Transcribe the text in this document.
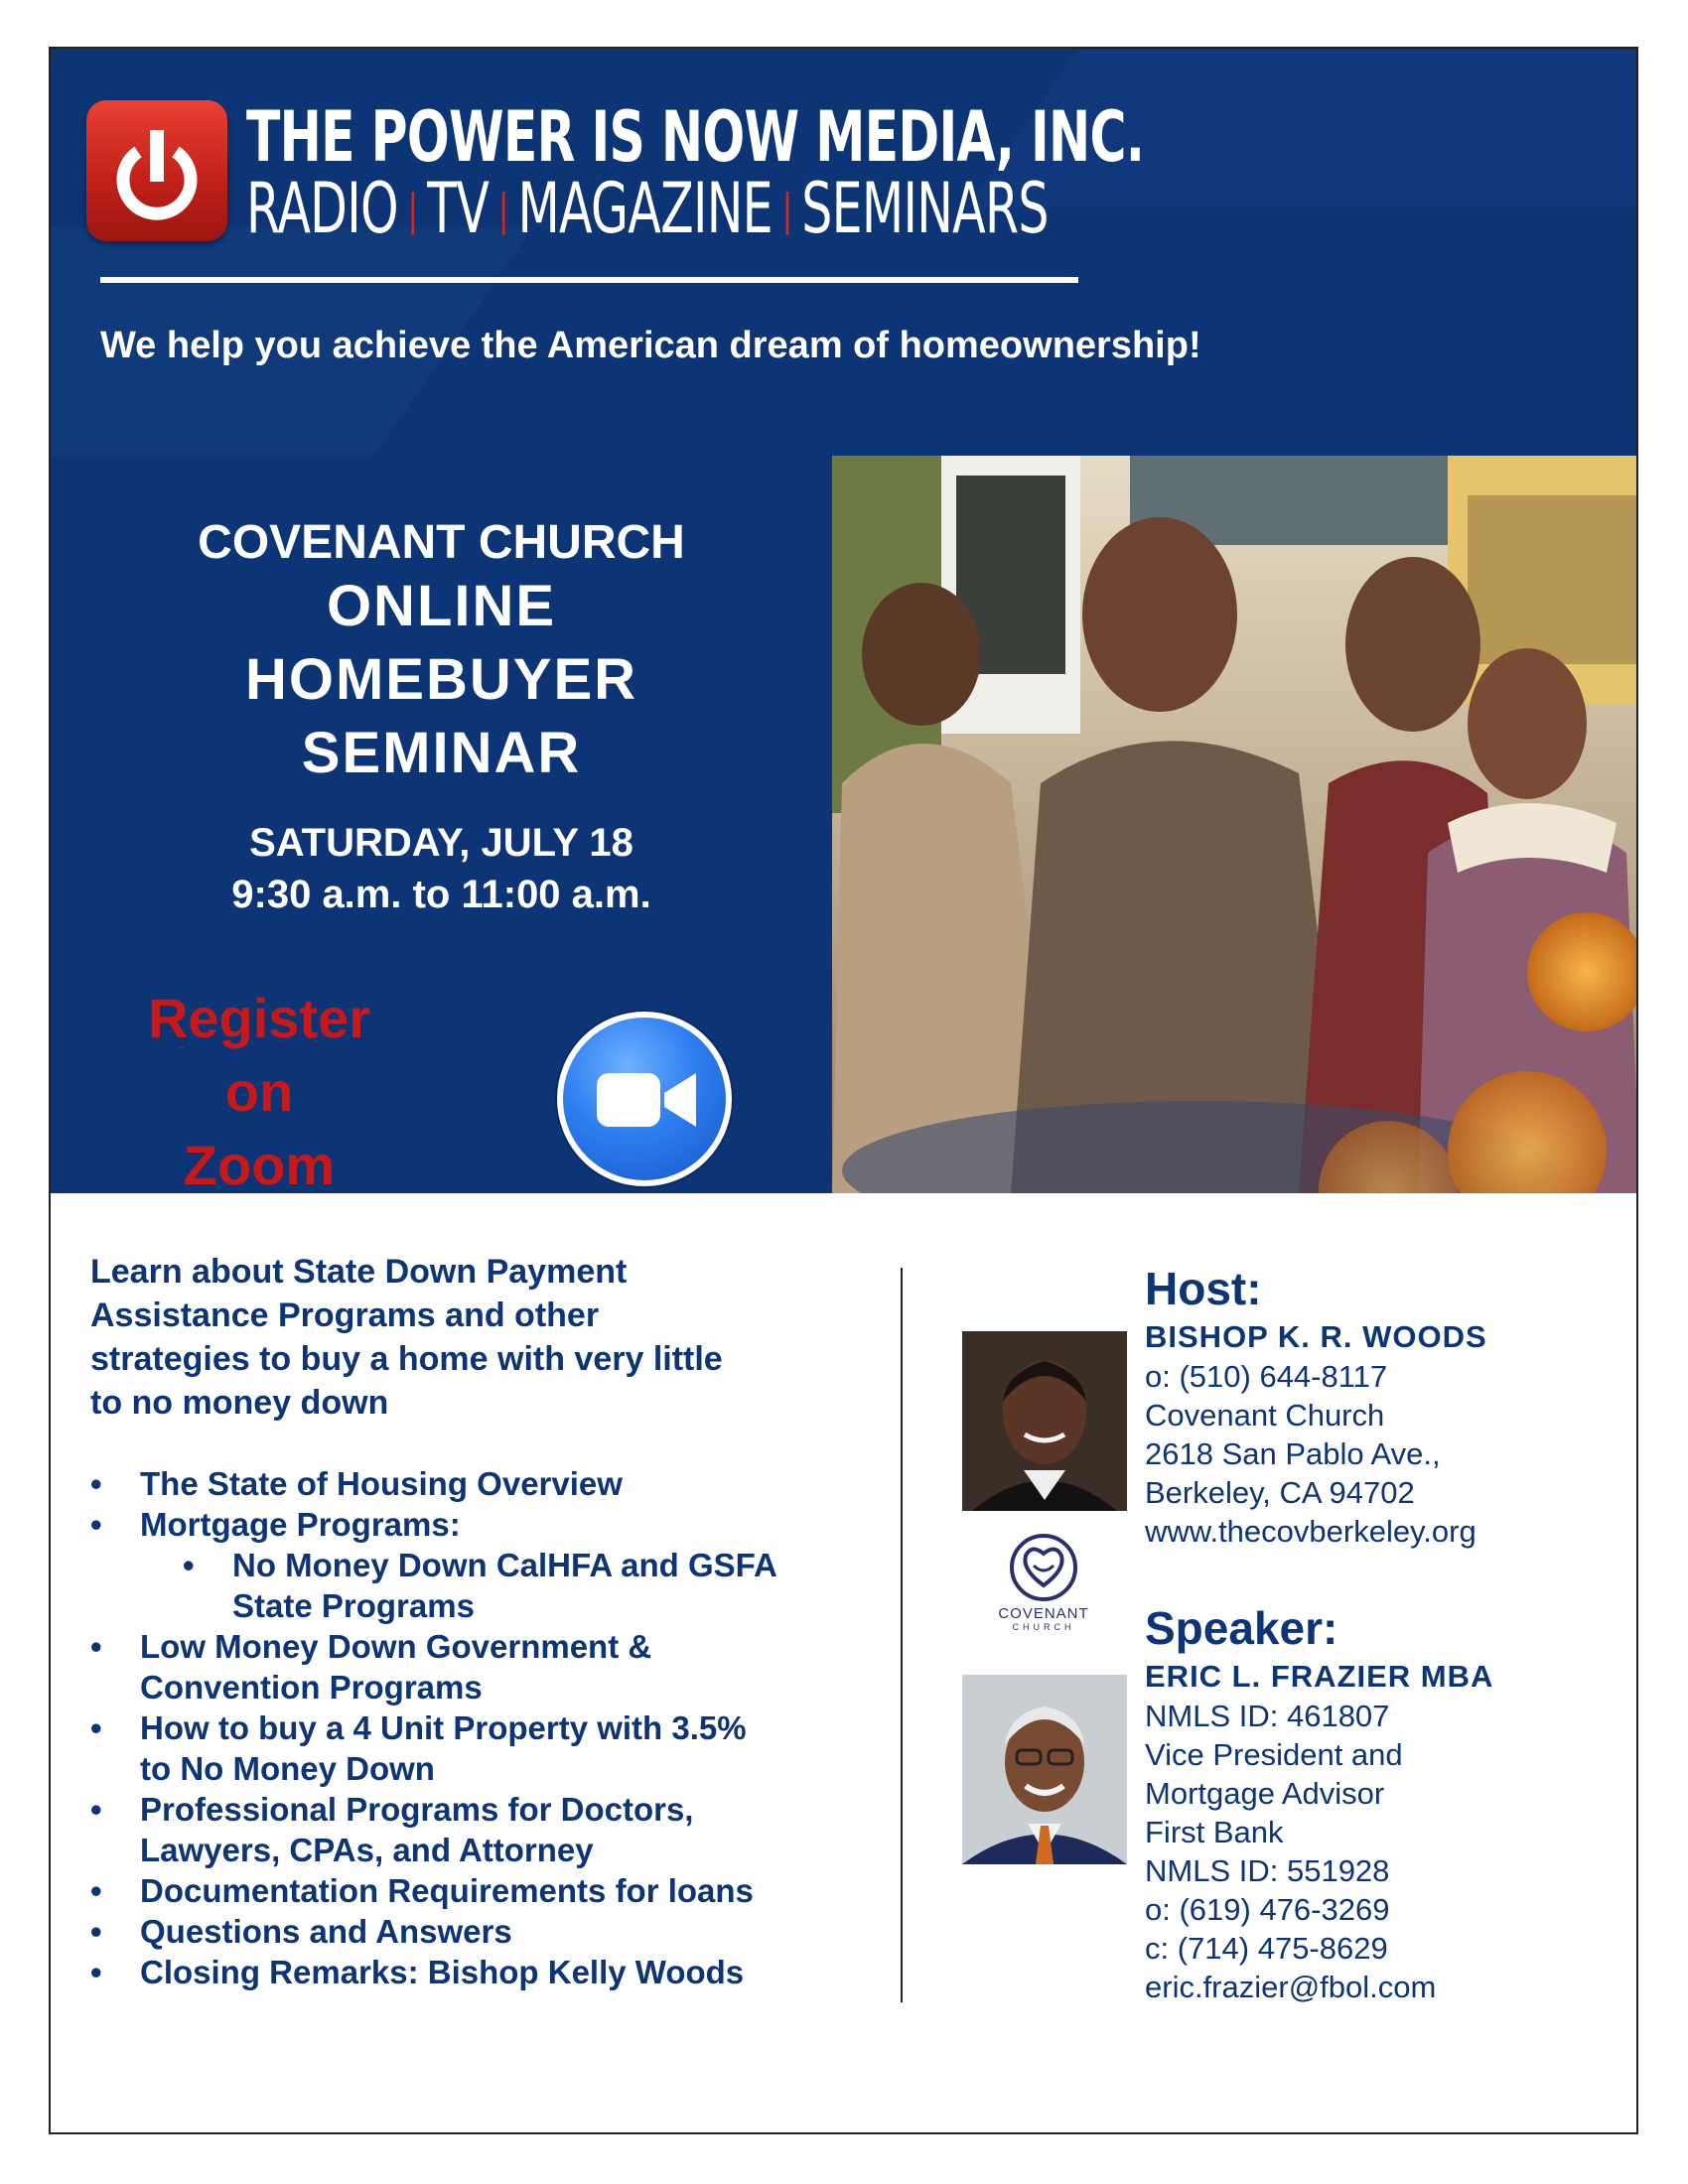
THE POWER IS NOW MEDIA, INC.
RADIO | TV | MAGAZINE | SEMINARS
We help you achieve the American dream of homeownership!
COVENANT CHURCH
ONLINE
HOMEBUYER
SEMINAR
SATURDAY, JULY 18
9:30 a.m. to 11:00 a.m.
Register on
Zoom
Learn about State Down Payment
Assistance Programs and other
strategies to buy a home with very little
to no money down
• The State of Housing Overview
• Mortgage Programs:
• No Money Down CalHFA and GSFA
State Programs
• Low Money Down Government &
Convention Programs
• How to buy a 4 Unit Property with 3.5%
to No Money Down
• Professional Programs for Doctors,
Lawyers, CPAs, and Attorney
• Documentation Requirements for loans
• Questions and Answers
• Closing Remarks: Bishop Kelly Woods
COVENANT
CHURCH
Host:
BISHOP K. R. WOODS
o: (510) 644-8117
Covenant Church
2618 San Pablo Ave.,
Berkeley, CA 94702
www.thecovberkeley.org
Speaker:
ERIC L. FRAZIER MBA
NMLS ID: 461807
Vice President and
Mortgage Advisor
First Bank
NMLS ID: 551928
o: (619) 476-3269
c: (714) 475-8629
eric.frazier@fbol.com
